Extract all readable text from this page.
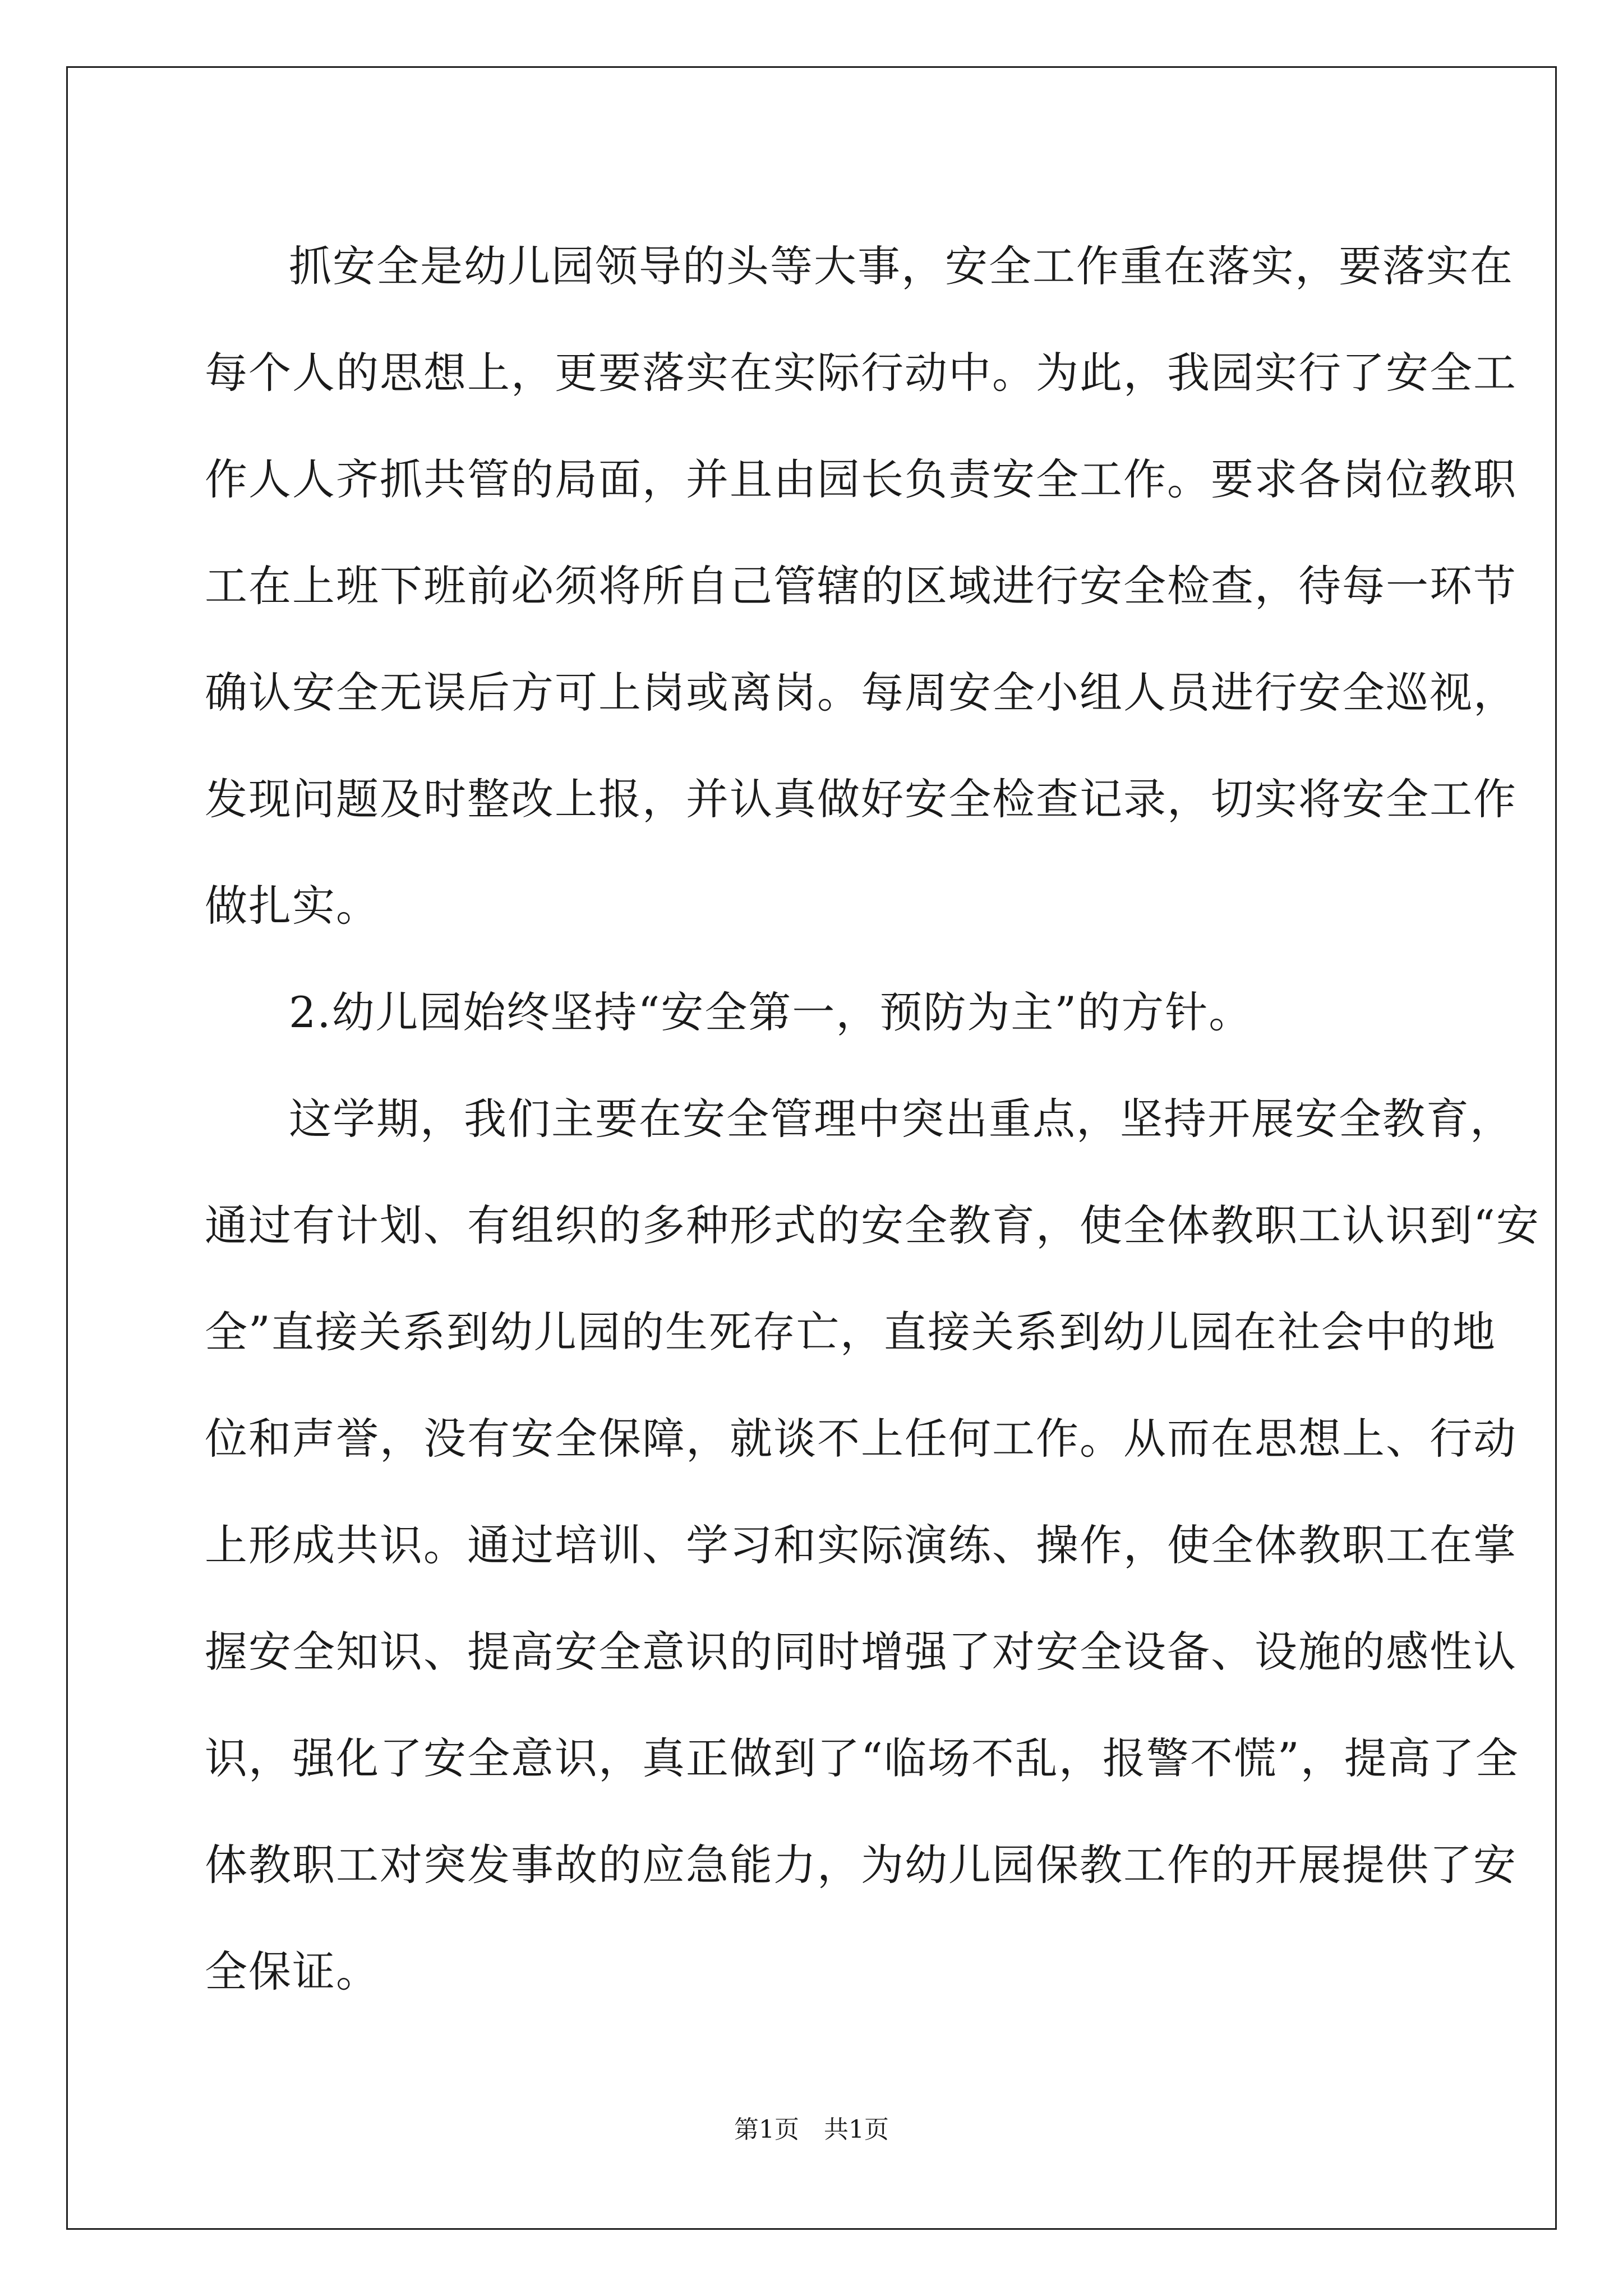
抓安全是幼儿园领导的头等大事，安全工作重在落实，要落实在
每个人的思想上，更要落实在实际行动中。为此，我园实行了安全工
作人人齐抓共管的局面，并且由园长负责安全工作。要求各岗位教职
工在上班下班前必须将所自己管辖的区域进行安全检查，待每一环节
确认安全无误后方可上岗或离岗。每周安全小组人员进行安全巡视，
发现问题及时整改上报，并认真做好安全检查记录，切实将安全工作
做扎实。
2.幼儿园始终坚持“安全第一，预防为主”的方针。
这学期，我们主要在安全管理中突出重点，坚持开展安全教育，
通过有计划、有组织的多种形式的安全教育，使全体教职工认识到“安
全”直接关系到幼儿园的生死存亡，直接关系到幼儿园在社会中的地
位和声誉，没有安全保障，就谈不上任何工作。从而在思想上、行动
上形成共识。通过培训、学习和实际演练、操作，使全体教职工在掌
握安全知识、提高安全意识的同时增强了对安全设备、设施的感性认
识，强化了安全意识，真正做到了“临场不乱，报警不慌”，提高了全
体教职工对突发事故的应急能力，为幼儿园保教工作的开展提供了安
全保证。
第1页　共1页
